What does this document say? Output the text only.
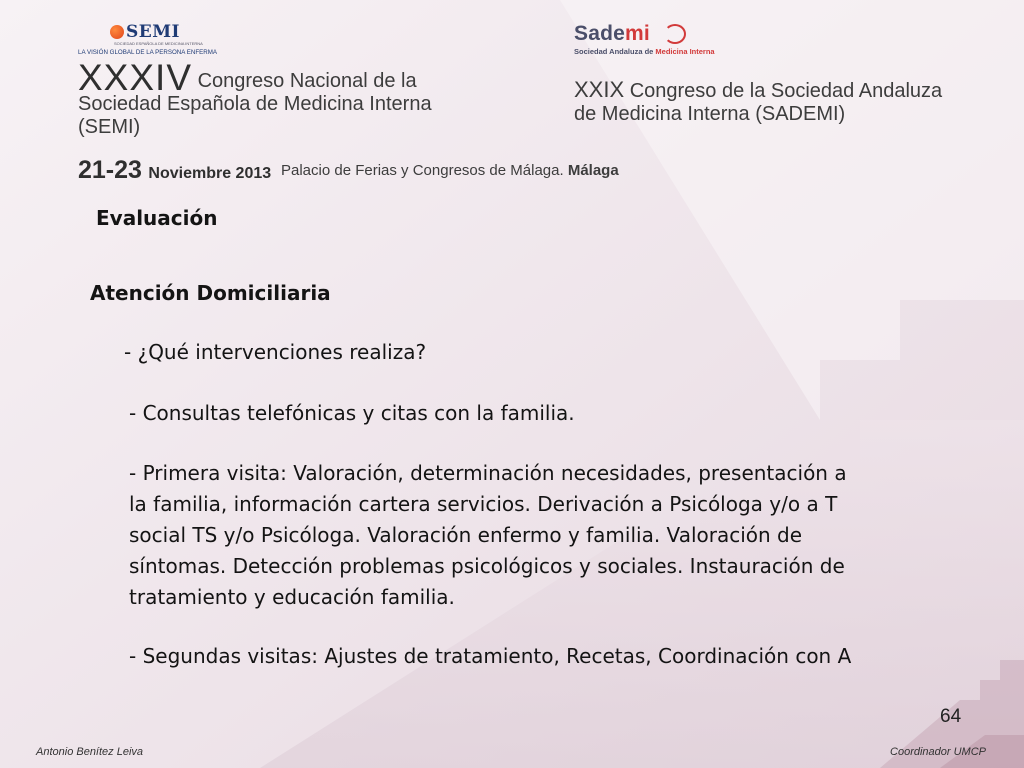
SEMI
SOCIEDAD ESPAÑOLA DE MEDICINA INTERNA
LA VISIÓN GLOBAL DE LA PERSONA ENFERMA
Sademi
Sociedad Andaluza de Medicina Interna
XXXIV Congreso Nacional de la
Sociedad Española de Medicina Interna
(SEMI)
XXIX Congreso de la Sociedad Andaluza
de Medicina Interna (SADEMI)
21-23 Noviembre 2013 Palacio de Ferias y Congresos de Málaga. Málaga
Evaluación
Atención Domiciliaria
- ¿Qué intervenciones realiza?
- Consultas telefónicas y citas con la familia.
- Primera visita: Valoración, determinación necesidades, presentación a
la familia, información cartera servicios. Derivación a Psicóloga y/o a T
social TS y/o Psicóloga. Valoración enfermo y familia. Valoración de
síntomas. Detección problemas psicológicos y sociales. Instauración de
tratamiento y educación familia.
- Segundas visitas: Ajustes de tratamiento, Recetas, Coordinación con A
64
Antonio Benítez Leiva	Coordinador UMCP
